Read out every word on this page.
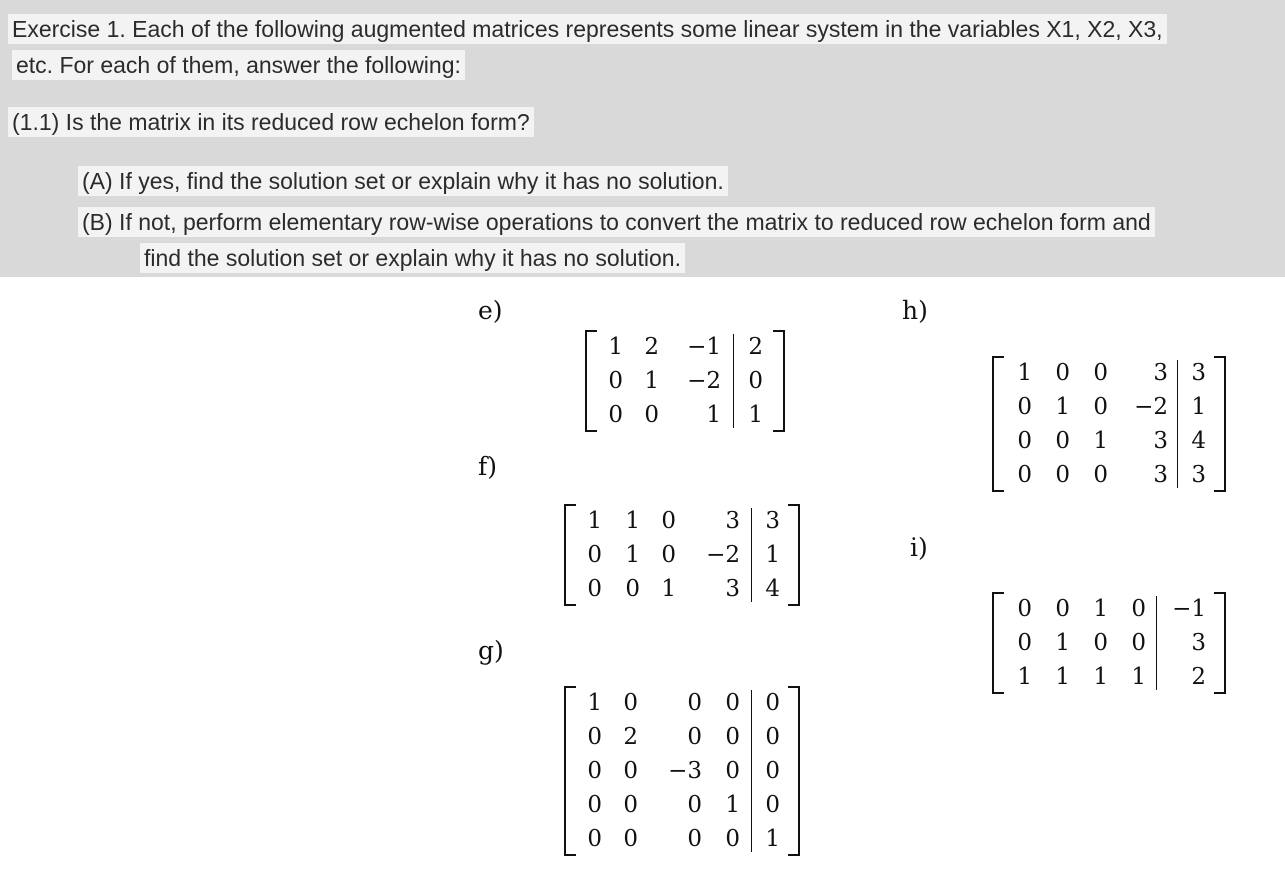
Exercise 1. Each of the following augmented matrices represents some linear system in the variables X1, X2, X3,
etc. For each of them, answer the following:
(1.1) Is the matrix in its reduced row echelon form?
(A) If yes, find the solution set or explain why it has no solution.
(B) If not, perform elementary row-wise operations to convert the matrix to reduced row echelon form and
find the solution set or explain why it has no solution.
e)
1 2	−1	2
0 1	−2	0
0 0	1	1
f)
1	1 0	3	3
0	1 0	−2	1
0	0 1	3	4
g)
1 0	0	0	0
0 2	0	0	0
0 0	−3	0	0
0 0	0	1	0
0 0	0	0	1
h)
1	0	0	3	3
0	1	0	−2	1
0	0	1	3	4
0	0	0	3	3
i)
0	0	1	0	−1
0	1	0	0	3
1	1	1	1	2
